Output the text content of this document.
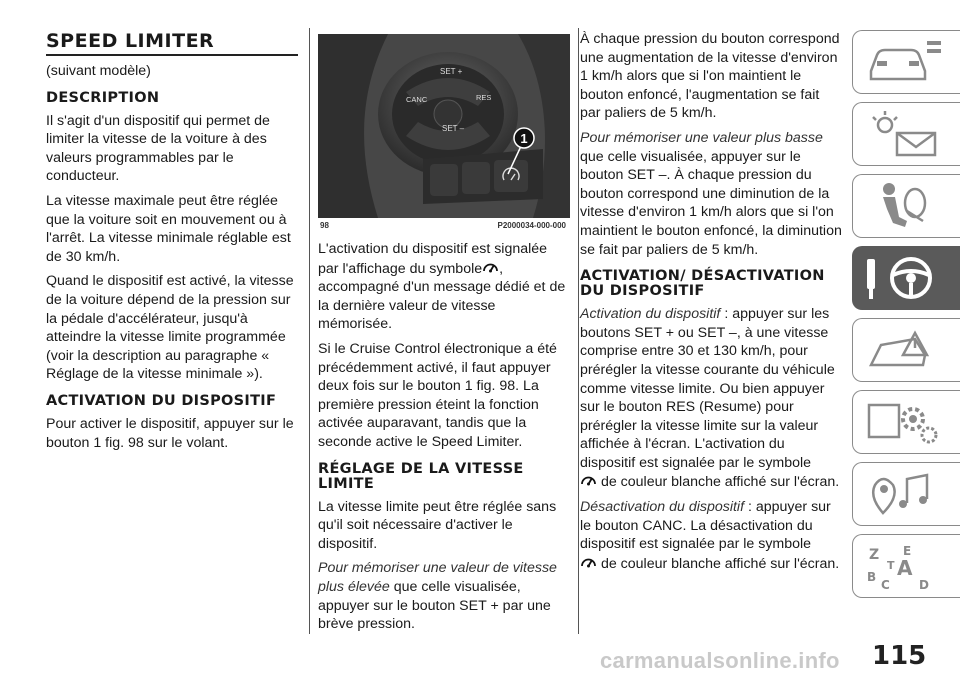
SPEED LIMITER

(suivant modèle)

DESCRIPTION

Il s'agit d'un dispositif qui permet de limiter la vitesse de la voiture à des valeurs programmables par le conducteur.

La vitesse maximale peut être réglée que la voiture soit en mouvement ou à l'arrêt. La vitesse minimale réglable est de 30 km/h.

Quand le dispositif est activé, la vitesse de la voiture dépend de la pression sur la pédale d'accélérateur, jusqu'à atteindre la vitesse limite programmée (voir la description au paragraphe « Réglage de la vitesse minimale »).

ACTIVATION DU DISPOSITIF

Pour activer le dispositif, appuyer sur le bouton 1 fig. 98 sur le volant.

SET +
CANC	RES
SET –
1
98	P2000034-000-000

L'activation du dispositif est signalée par l'affichage du symbole , accompagné d'un message dédié et de la dernière valeur de vitesse mémorisée.

Si le Cruise Control électronique a été précédemment activé, il faut appuyer deux fois sur le bouton 1 fig. 98. La première pression éteint la fonction activée auparavant, tandis que la seconde active le Speed Limiter.

RÉGLAGE DE LA VITESSE LIMITE

La vitesse limite peut être réglée sans qu'il soit nécessaire d'activer le dispositif.

Pour mémoriser une valeur de vitesse plus élevée que celle visualisée, appuyer sur le bouton SET + par une brève pression.

À chaque pression du bouton correspond une augmentation de la vitesse d'environ 1 km/h alors que si l'on maintient le bouton enfoncé, l'augmentation se fait par paliers de 5 km/h.

Pour mémoriser une valeur plus basse que celle visualisée, appuyer sur le bouton SET –. À chaque pression du bouton correspond une diminution de la vitesse d'environ 1 km/h alors que si l'on maintient le bouton enfoncé, la diminution se fait par paliers de 5 km/h.

ACTIVATION/ DÉSACTIVATION DU DISPOSITIF

Activation du dispositif : appuyer sur les boutons SET + ou SET –, à une vitesse comprise entre 30 et 130 km/h, pour prérégler la vitesse courante du véhicule comme vitesse limite. Ou bien appuyer sur le bouton RES (Resume) pour prérégler la vitesse limite sur la valeur affichée à l'écran. L'activation du dispositif est signalée par le symbole
de couleur blanche affiché sur l'écran.

Désactivation du dispositif : appuyer sur le bouton CANC. La désactivation du dispositif est signalée par le symbole
de couleur blanche affiché sur l'écran.

Z E
A
B
C
T
D
carmanualsonline.info 115
